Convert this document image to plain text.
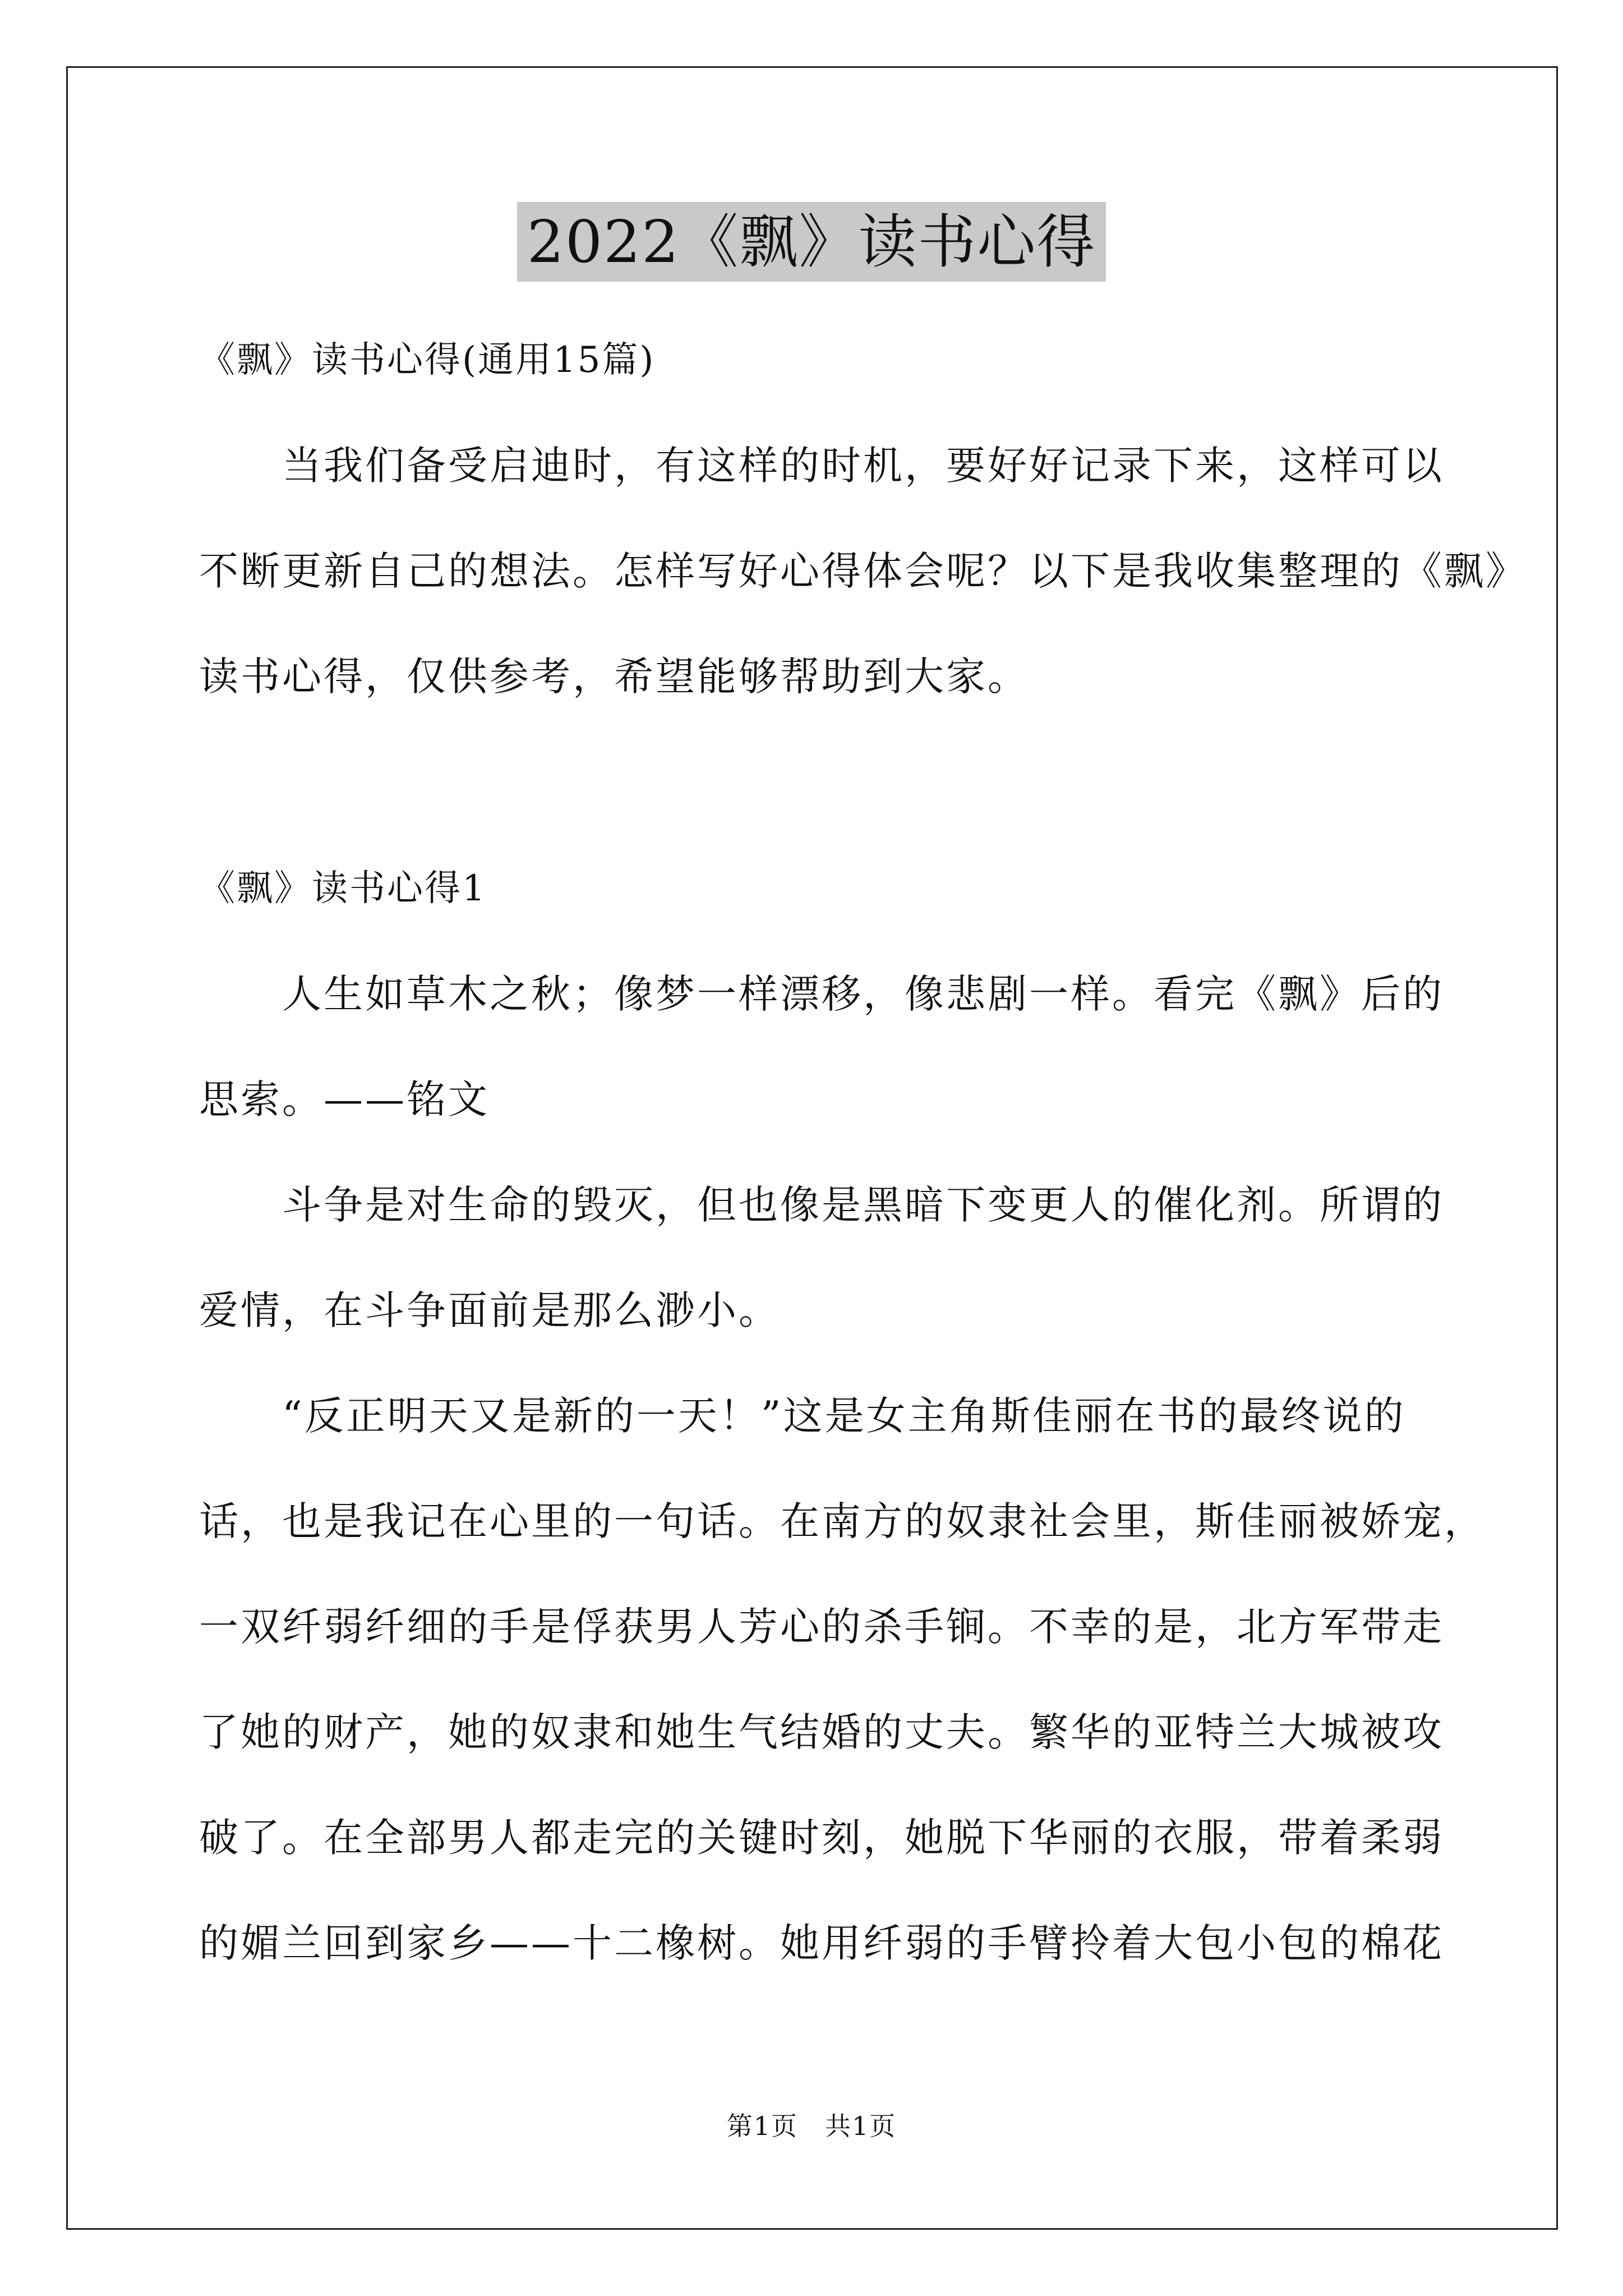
2022《飘》读书心得
《飘》读书心得(通用15篇)
　　当我们备受启迪时，有这样的时机，要好好记录下来，这样可以
不断更新自己的想法。怎样写好心得体会呢？以下是我收集整理的《飘》
读书心得，仅供参考，希望能够帮助到大家。
《飘》读书心得1
　　人生如草木之秋；像梦一样漂移，像悲剧一样。看完《飘》后的
思索。——铭文
　　斗争是对生命的毁灭，但也像是黑暗下变更人的催化剂。所谓的
爱情，在斗争面前是那么渺小。
　　“反正明天又是新的一天！”这是女主角斯佳丽在书的最终说的
话，也是我记在心里的一句话。在南方的奴隶社会里，斯佳丽被娇宠，
一双纤弱纤细的手是俘获男人芳心的杀手锏。不幸的是，北方军带走
了她的财产，她的奴隶和她生气结婚的丈夫。繁华的亚特兰大城被攻
破了。在全部男人都走完的关键时刻，她脱下华丽的衣服，带着柔弱
的媚兰回到家乡——十二橡树。她用纤弱的手臂拎着大包小包的棉花
第1页　共1页
